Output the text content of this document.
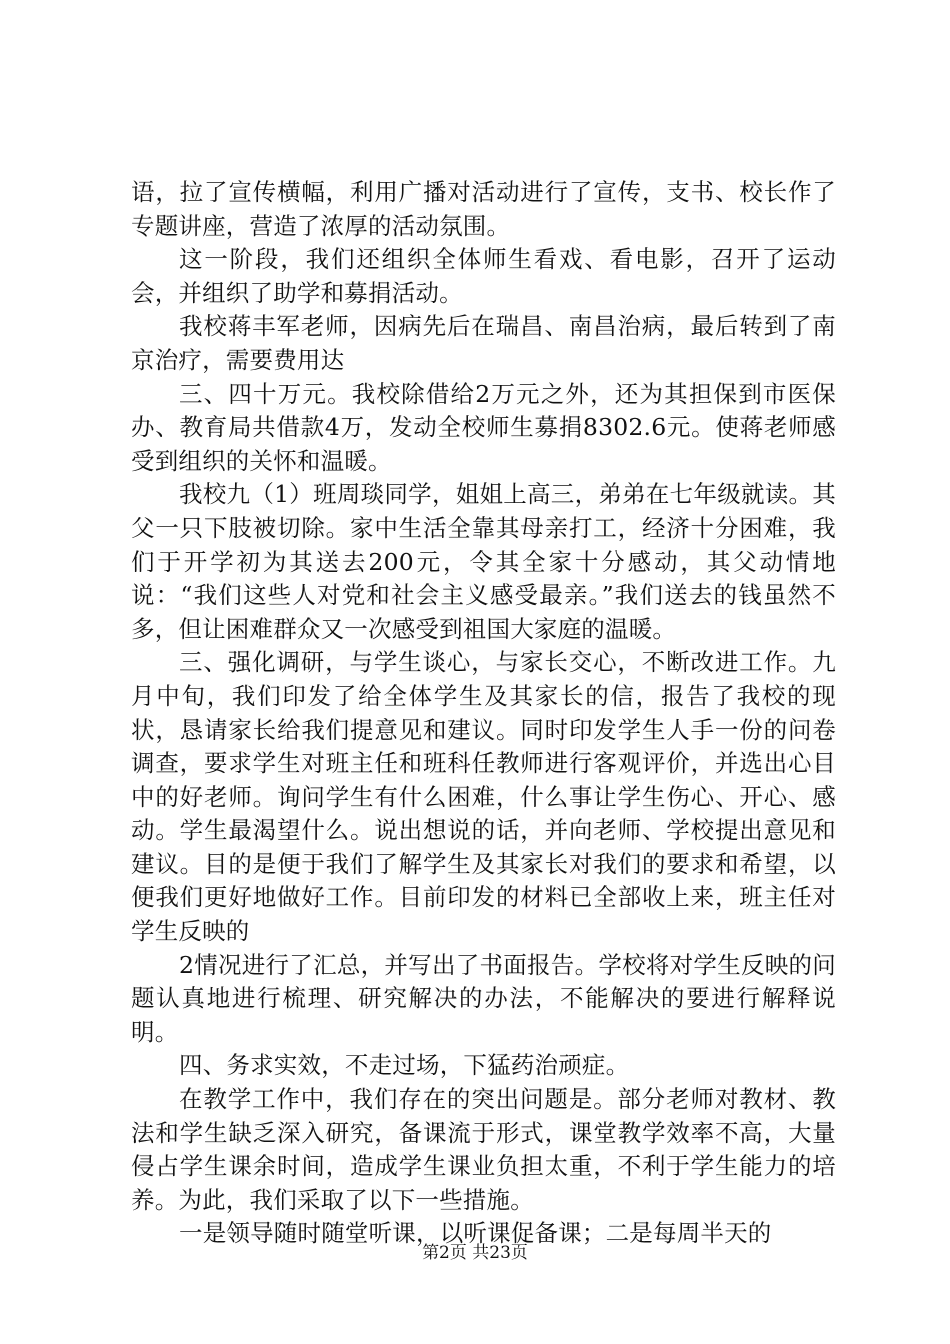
语，拉了宣传横幅，利用广播对活动进行了宣传，支书、校长作了专题讲座，营造了浓厚的活动氛围。

这一阶段，我们还组织全体师生看戏、看电影，召开了运动会，并组织了助学和募捐活动。

我校蒋丰军老师，因病先后在瑞昌、南昌治病，最后转到了南京治疗，需要费用达

三、四十万元。我校除借给2万元之外，还为其担保到市医保办、教育局共借款4万，发动全校师生募捐8302.6元。使蒋老师感受到组织的关怀和温暖。

我校九（1）班周琰同学，姐姐上高三，弟弟在七年级就读。其父一只下肢被切除。家中生活全靠其母亲打工，经济十分困难，我们于开学初为其送去200元，令其全家十分感动，其父动情地说：“我们这些人对党和社会主义感受最亲。”我们送去的钱虽然不多，但让困难群众又一次感受到祖国大家庭的温暖。

三、强化调研，与学生谈心，与家长交心，不断改进工作。九月中旬，我们印发了给全体学生及其家长的信，报告了我校的现状，恳请家长给我们提意见和建议。同时印发学生人手一份的问卷调查，要求学生对班主任和班科任教师进行客观评价，并选出心目中的好老师。询问学生有什么困难，什么事让学生伤心、开心、感动。学生最渴望什么。说出想说的话，并向老师、学校提出意见和建议。目的是便于我们了解学生及其家长对我们的要求和希望，以便我们更好地做好工作。目前印发的材料已全部收上来，班主任对学生反映的

2情况进行了汇总，并写出了书面报告。学校将对学生反映的问题认真地进行梳理、研究解决的办法，不能解决的要进行解释说明。

四、务求实效，不走过场，下猛药治顽症。

在教学工作中，我们存在的突出问题是。部分老师对教材、教法和学生缺乏深入研究，备课流于形式，课堂教学效率不高，大量侵占学生课余时间，造成学生课业负担太重，不利于学生能力的培养。为此，我们采取了以下一些措施。

一是领导随时随堂听课，以听课促备课；二是每周半天的

第2页 共23页
